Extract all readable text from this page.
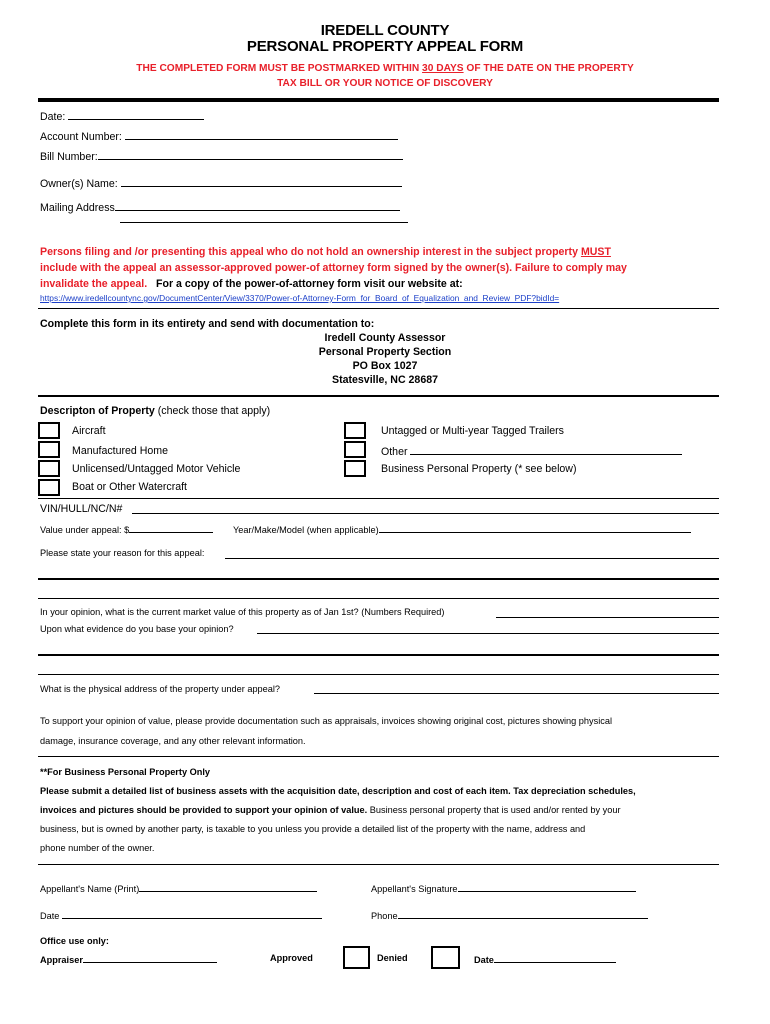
IREDELL COUNTY
PERSONAL PROPERTY APPEAL FORM
THE COMPLETED FORM MUST BE POSTMARKED WITHIN 30 DAYS OF THE DATE ON THE PROPERTY
TAX BILL OR YOUR NOTICE OF DISCOVERY
Date:
Account Number:
Bill Number:
Owner(s) Name:
Mailing Address
Persons filing and /or presenting this appeal who do not hold an ownership interest in the subject property MUST
include with the appeal an assessor-approved power-of attorney form signed by the owner(s). Failure to comply may
invalidate the appeal. For a copy of the power-of-attorney form visit our website at:
https://www.iredellcountync.gov/DocumentCenter/View/3370/Power-of-Attorney-Form_for_Board_of_Equalization_and_Review_PDF?bidId=
Complete this form in its entirety and send with documentation to:
Iredell County Assessor
Personal Property Section
PO Box 1027
Statesville, NC 28687
Descripton of Property (check those that apply)
Aircraft
Manufactured Home
Unlicensed/Untagged Motor Vehicle
Boat or Other Watercraft
Untagged or Multi-year Tagged Trailers
Other
Business Personal Property (* see below)
VIN/HULL/NC/N#
Value under appeal: $	Year/Make/Model (when applicable)
Please state your reason for this appeal:
In your opinion, what is the current market value of this property as of Jan 1st? (Numbers Required)
Upon what evidence do you base your opinion?
What is the physical address of the property under appeal?
To support your opinion of value, please provide documentation such as appraisals, invoices showing original cost, pictures showing physical
damage, insurance coverage, and any other relevant information.
**For Business Personal Property Only
Please submit a detailed list of business assets with the acquisition date, description and cost of each item. Tax depreciation schedules,
invoices and pictures should be provided to support your opinion of value. Business personal property that is used and/or rented by your
business, but is owned by another party, is taxable to you unless you provide a detailed list of the property with the name, address and
phone number of the owner.
Appellant's Name (Print)	Appellant's Signature
Date	Phone
Office use only:
Appraiser	Approved	Denied	Date
